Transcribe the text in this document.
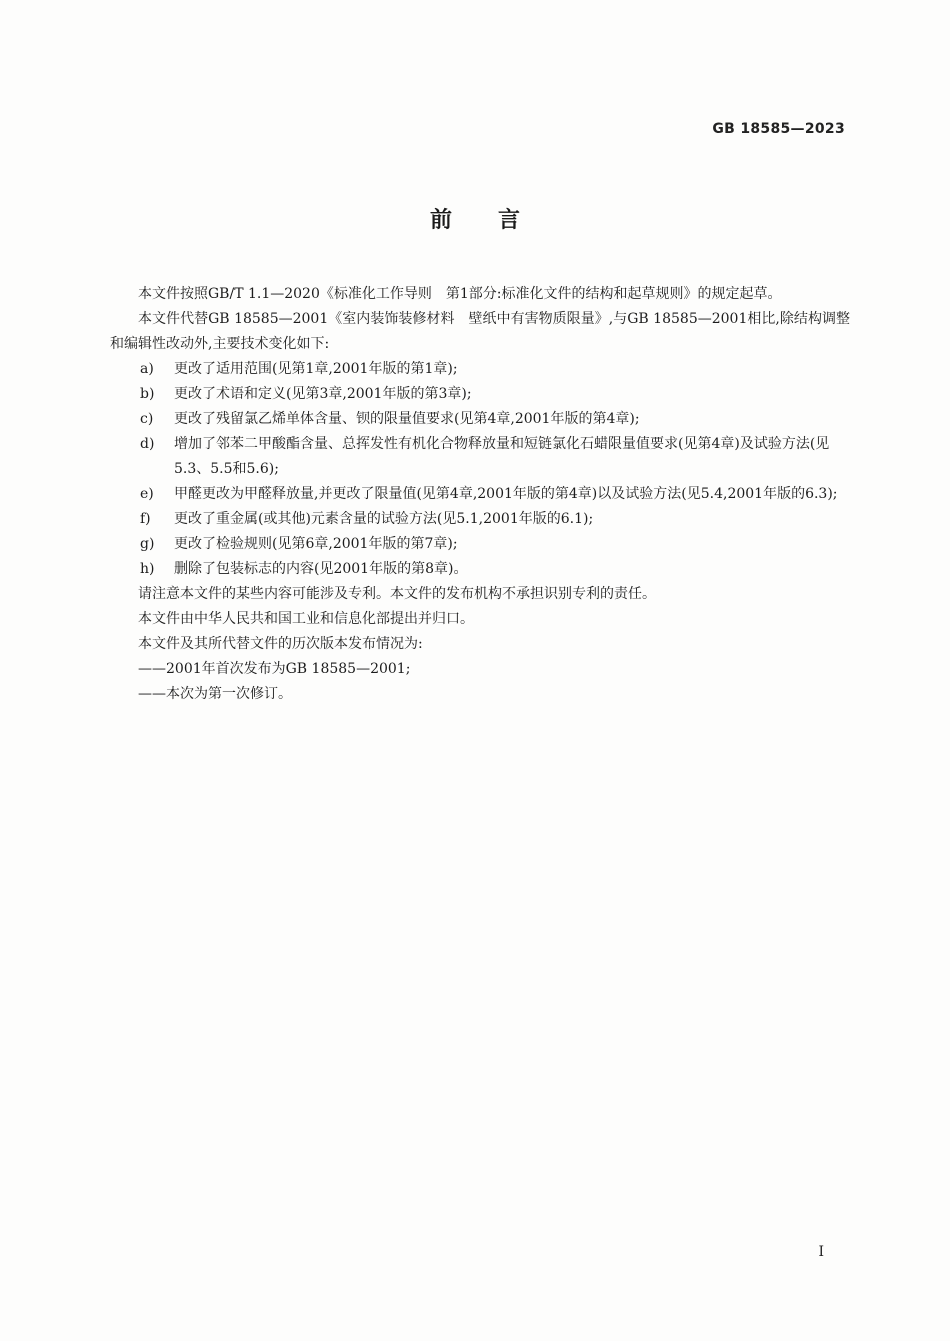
GB 18585—2023
前言

本文件按照GB/T 1.1—2020《标准化工作导则　第1部分:标准化文件的结构和起草规则》的规定起草。

本文件代替GB 18585—2001《室内装饰装修材料　壁纸中有害物质限量》,与GB 18585—2001相比,除结构调整和编辑性改动外,主要技术变化如下:

a) 更改了适用范围(见第1章,2001年版的第1章);
b) 更改了术语和定义(见第3章,2001年版的第3章);
c) 更改了残留氯乙烯单体含量、钡的限量值要求(见第4章,2001年版的第4章);
d) 增加了邻苯二甲酸酯含量、总挥发性有机化合物释放量和短链氯化石蜡限量值要求(见第4章)及试验方法(见5.3、5.5和5.6);
e) 甲醛更改为甲醛释放量,并更改了限量值(见第4章,2001年版的第4章)以及试验方法(见5.4,2001年版的6.3);
f) 更改了重金属(或其他)元素含量的试验方法(见5.1,2001年版的6.1);
g) 更改了检验规则(见第6章,2001年版的第7章);
h) 删除了包装标志的内容(见2001年版的第8章)。

请注意本文件的某些内容可能涉及专利。本文件的发布机构不承担识别专利的责任。

本文件由中华人民共和国工业和信息化部提出并归口。

本文件及其所代替文件的历次版本发布情况为:

——2001年首次发布为GB 18585—2001;
——本次为第一次修订。
I
